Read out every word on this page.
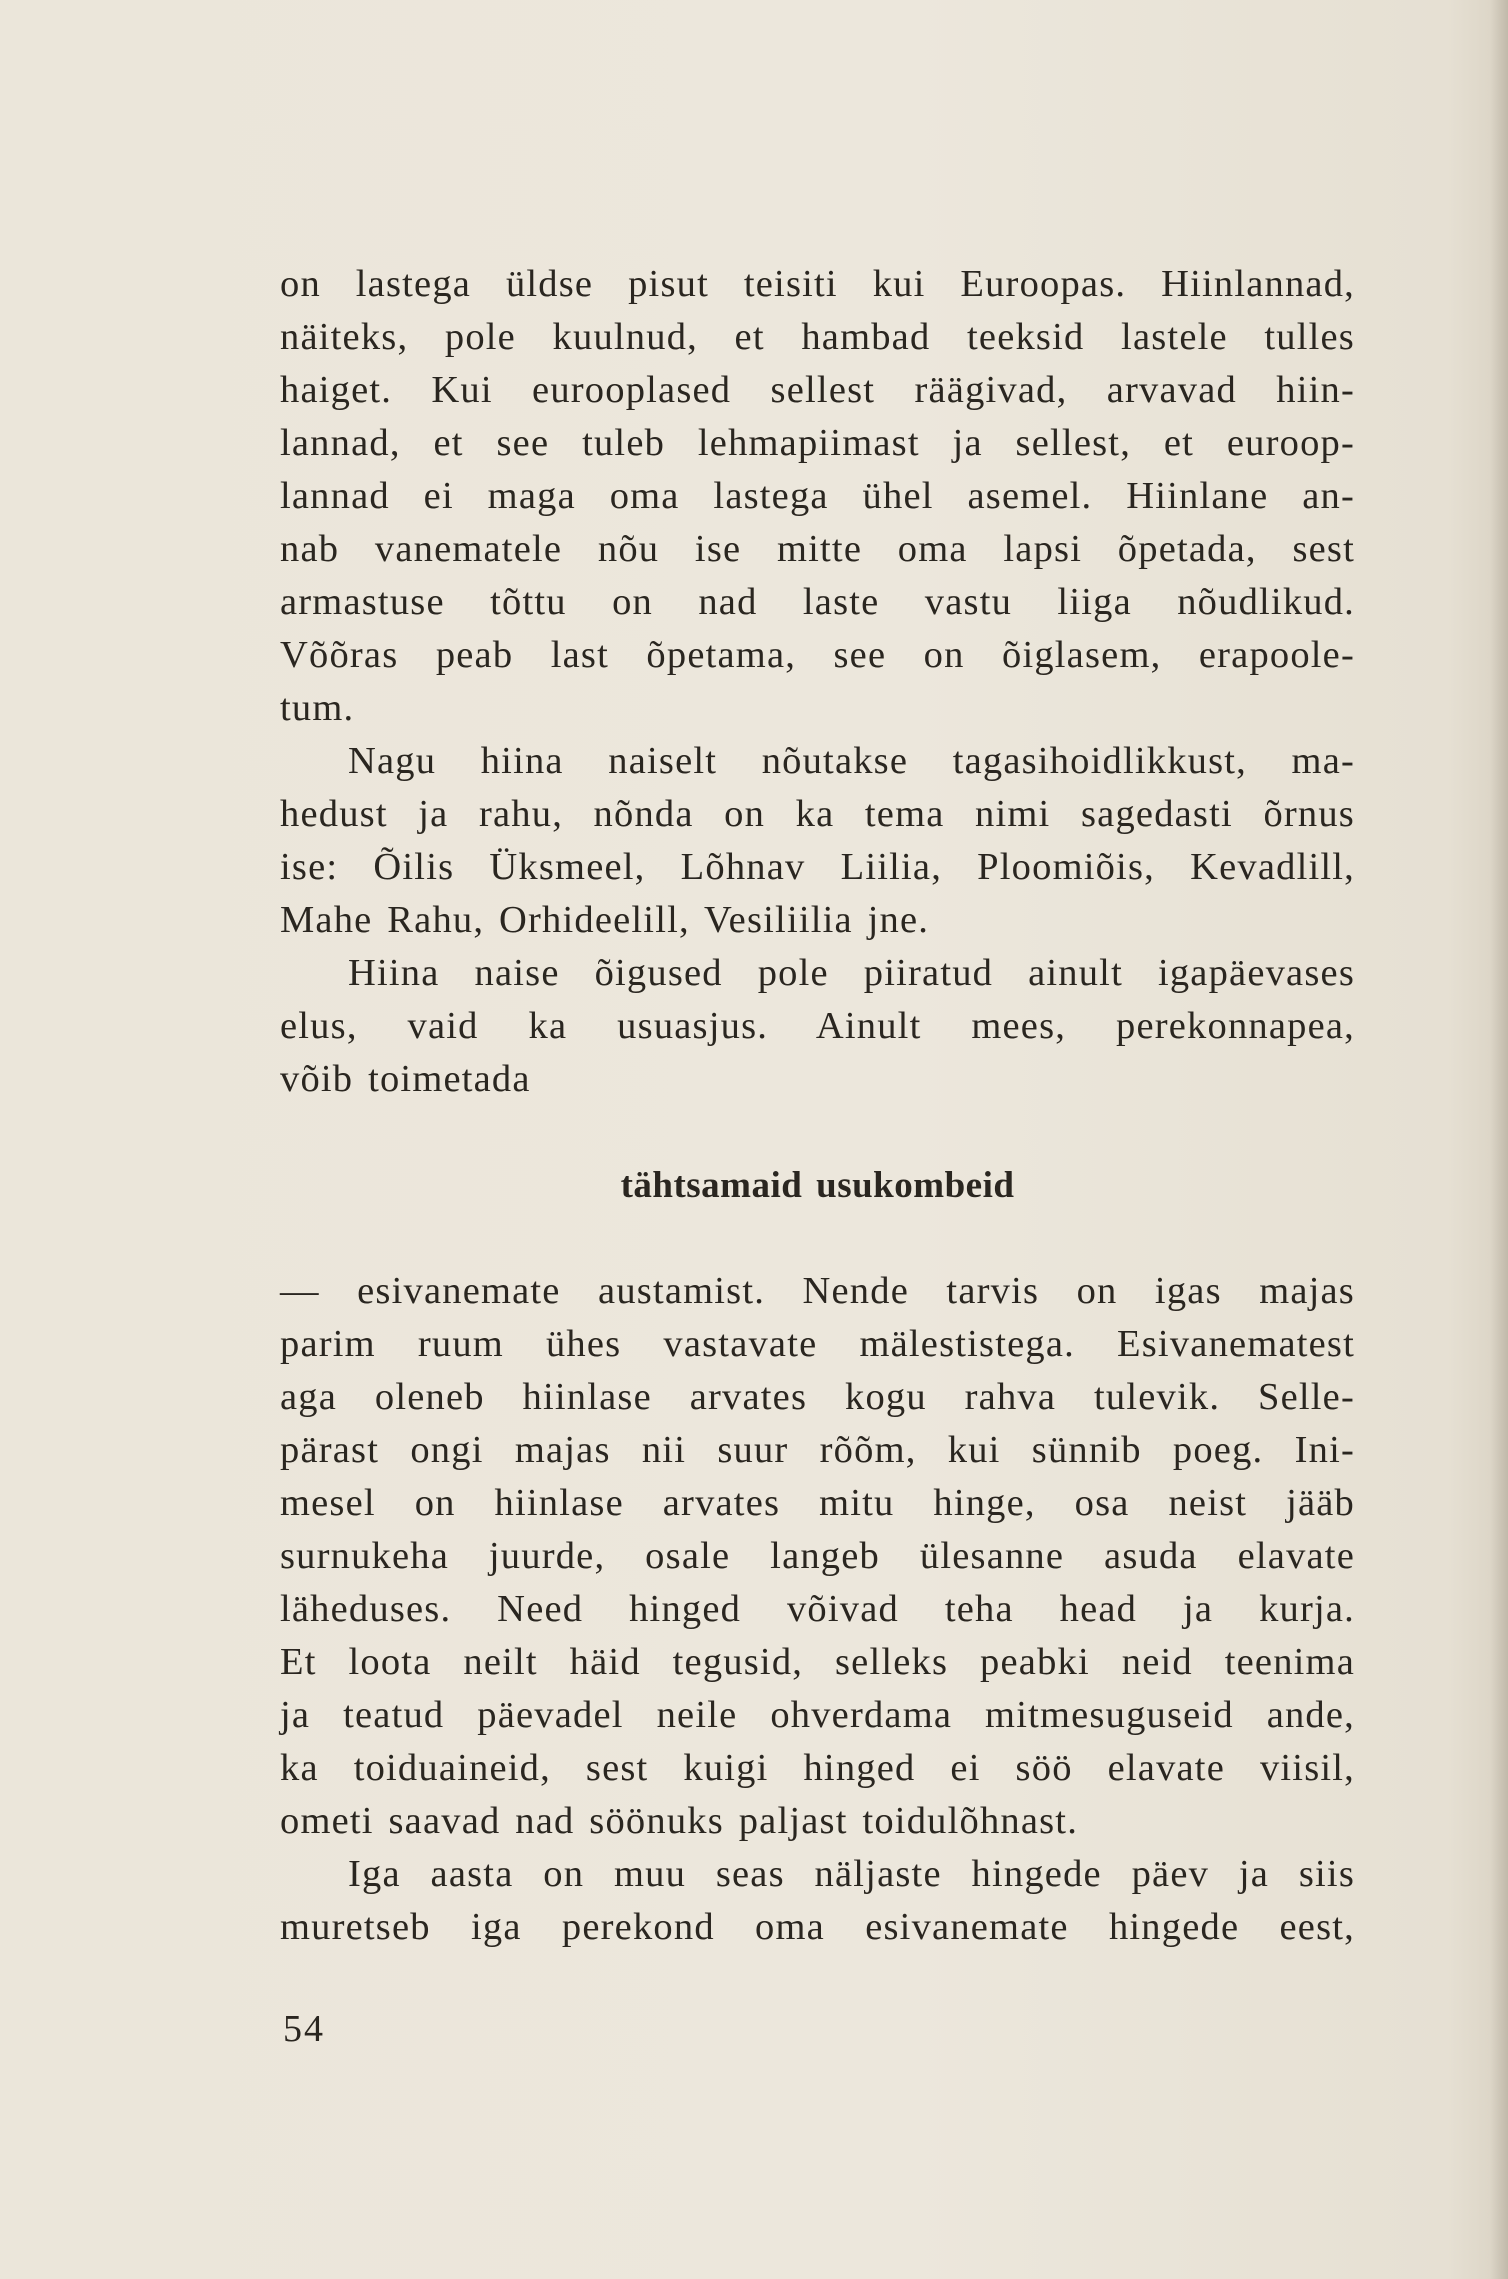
on lastega üldse pisut teisiti kui Euroopas. Hiinlannad,
näiteks, pole kuulnud, et hambad teeksid lastele tulles
haiget. Kui eurooplased sellest räägivad, arvavad hiin-
lannad, et see tuleb lehmapiimast ja sellest, et euroop-
lannad ei maga oma lastega ühel asemel. Hiinlane an-
nab vanematele nõu ise mitte oma lapsi õpetada, sest
armastuse tõttu on nad laste vastu liiga nõudlikud.
Võõras peab last õpetama, see on õiglasem, erapoole-
tum.
Nagu hiina naiselt nõutakse tagasihoidlikkust, ma-
hedust ja rahu, nõnda on ka tema nimi sagedasti õrnus
ise: Õilis Üksmeel, Lõhnav Liilia, Ploomiõis, Kevadlill,
Mahe Rahu, Orhideelill, Vesiliilia jne.
Hiina naise õigused pole piiratud ainult igapäevases
elus, vaid ka usuasjus. Ainult mees, perekonnapea,
võib toimetada

tähtsamaid usukombeid

— esivanemate austamist. Nende tarvis on igas majas
parim ruum ühes vastavate mälestistega. Esivanematest
aga oleneb hiinlase arvates kogu rahva tulevik. Selle-
pärast ongi majas nii suur rõõm, kui sünnib poeg. Ini-
mesel on hiinlase arvates mitu hinge, osa neist jääb
surnukeha juurde, osale langeb ülesanne asuda elavate
läheduses. Need hinged võivad teha head ja kurja.
Et loota neilt häid tegusid, selleks peabki neid teenima
ja teatud päevadel neile ohverdama mitmesuguseid ande,
ka toiduaineid, sest kuigi hinged ei söö elavate viisil,
ometi saavad nad söönuks paljast toidulõhnast.
Iga aasta on muu seas näljaste hingede päev ja siis
muretseb iga perekond oma esivanemate hingede eest,
54
